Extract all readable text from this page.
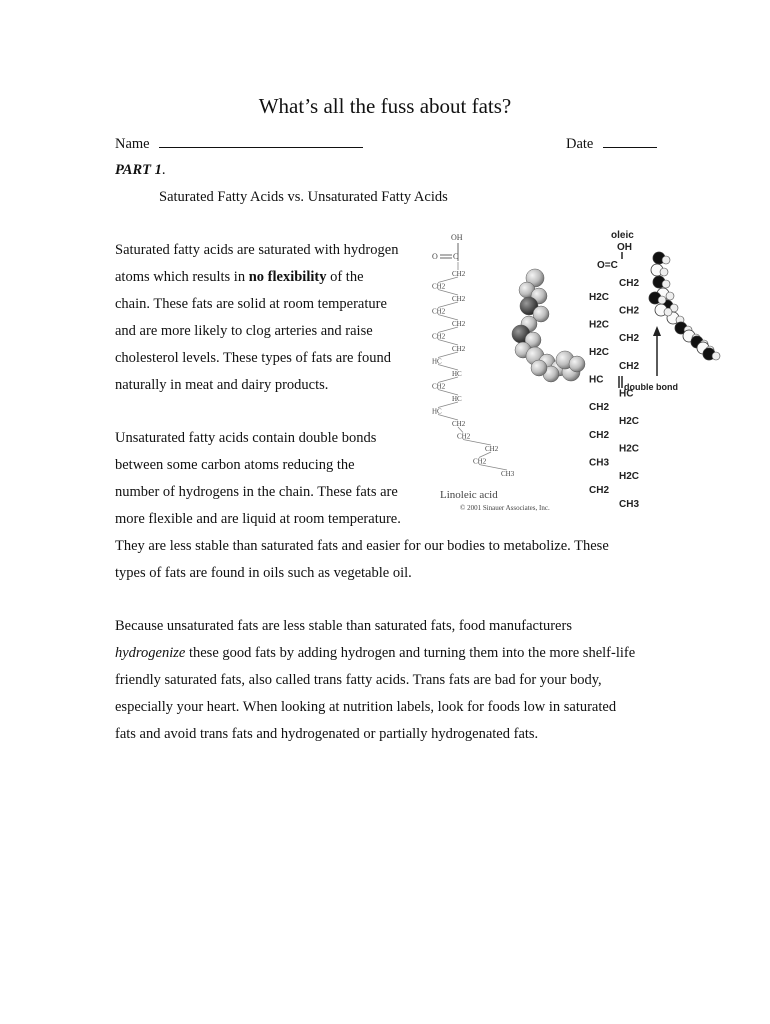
What’s all the fuss about fats?
Name	Date
PART 1.
Saturated Fatty Acids vs. Unsaturated Fatty Acids
Saturated fatty acids are saturated with hydrogen
atoms which results in no flexibility of the
chain. These fats are solid at room temperature
and are more likely to clog arteries and raise
cholesterol levels. These types of fats are found
naturally in meat and dairy products.
Unsaturated fatty acids contain double bonds
between some carbon atoms reducing the
number of hydrogens in the chain. These fats are
more flexible and are liquid at room temperature.
They are less stable than saturated fats and easier for our bodies to metabolize. These
types of fats are found in oils such as vegetable oil.
Because unsaturated fats are less stable than saturated fats, food manufacturers
hydrogenize these good fats by adding hydrogen and turning them into the more shelf-life
friendly saturated fats, also called trans fatty acids. Trans fats are bad for your body,
especially your heart. When looking at nutrition labels, look for foods low in saturated
fats and avoid trans fats and hydrogenated or partially hydrogenated fats.
OH
O C
CH2
CH2
CH2
CH2
CH2
CH2
CH2
HC
HC
CH2
HC
HC
CH2
CH2
CH2
CH2
CH3
Linoleic acid
© 2001 Sinauer Associates, Inc.
oleic
OH
O=C
CH2
H2C
CH2
H2C
CH2
H2C
CH2
HC
HC
CH2
H2C
CH2
H2C
CH3
H2C
CH2
CH3
double bond
